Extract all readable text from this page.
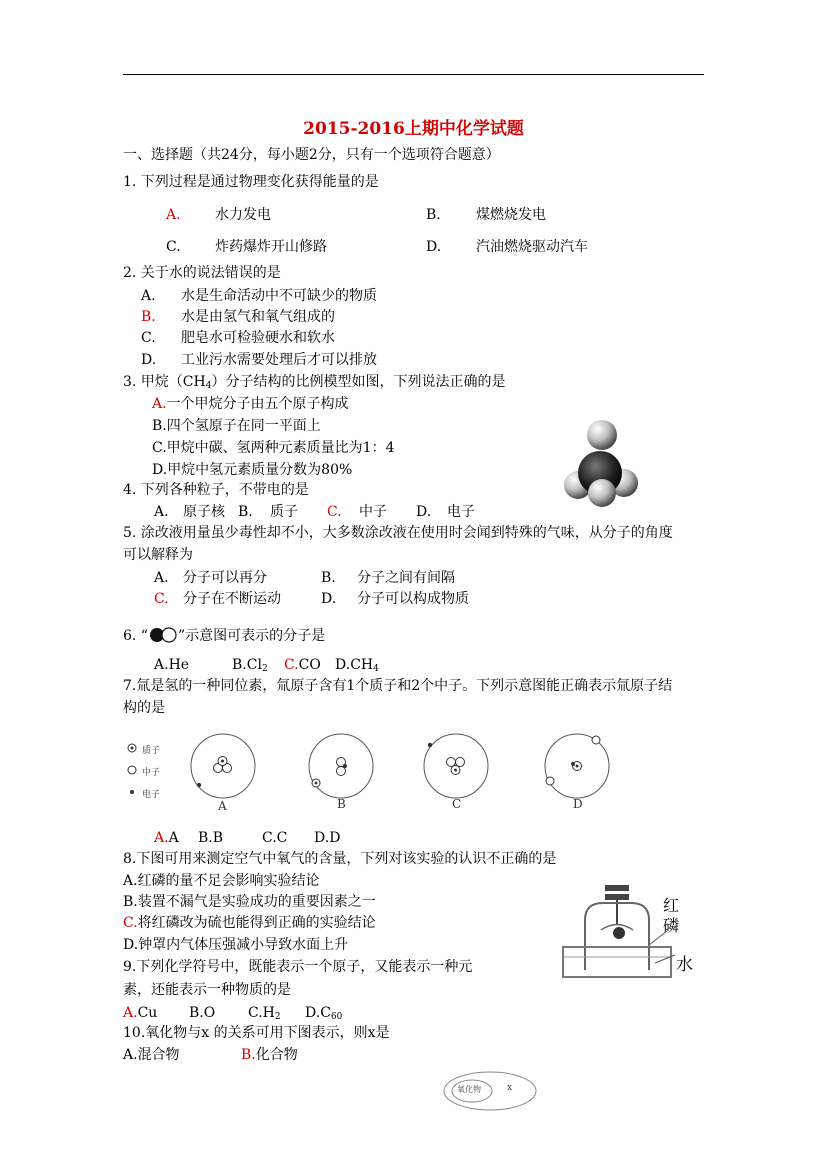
2015-2016上期中化学试题
一、选择题（共24分，每小题2分，只有一个选项符合题意）
1. 下列过程是通过物理变化获得能量的是
A. 水力发电	B.	煤燃烧发电
C. 炸药爆炸开山修路	D. 汽油燃烧驱动汽车
2. 关于水的说法错误的是
A. 水是生命活动中不可缺少的物质
B. 水是由氢气和氧气组成的
C. 肥皂水可检验硬水和软水
D. 工业污水需要处理后才可以排放
3. 甲烷$(CH_4)$分子结构的比例模型如图，下列说法正确的是
A.一个甲烷分子由五个原子构成
B.四个氢原子在同一平面上
C.甲烷中碳、氢两种元素质量比为1：4
D.甲烷中氢元素质量分数为80%
4. 下列各种粒子，不带电的是
A. 原子核 B. 质子 C. 中子 D. 电子
5. 涂改液用量虽少毒性却不小，大多数涂改液在使用时会闻到特殊的气味，从分子的角度
可以解释为
A. 分子可以再分	B. 分子之间有间隔
C. 分子在不断运动	D. 分子可以构成物质
6. “ ”示意图可表示的分子是
A.He	$B.Cl_2$ C.CO $D.CH_4$
7.氚是氢的一种同位素，氚原子含有1个质子和2个中子。下列示意图能正确表示氚原子结
构的是
质子
中子
电子
A	B	C	D
A.A B.B	C.C D.D
8.下图可用来测定空气中氧气的含量，下列对该实验的认识不正确的是
A.红磷的量不足会影响实验结论
B.装置不漏气是实验成功的重要因素之一
C.将红磷改为硫也能得到正确的实验结论
D.钟罩内气体压强减小导致水面上升
红磷
水
9.下列化学符号中，既能表示一个原子，又能表示一种元
素，还能表示一种物质的是
A.Cu B.O $C.H_2$ $D.C_{60}$
10.氧化物与x 的关系可用下图表示，则x是
A.混合物	B.化合物
氧化物	x
